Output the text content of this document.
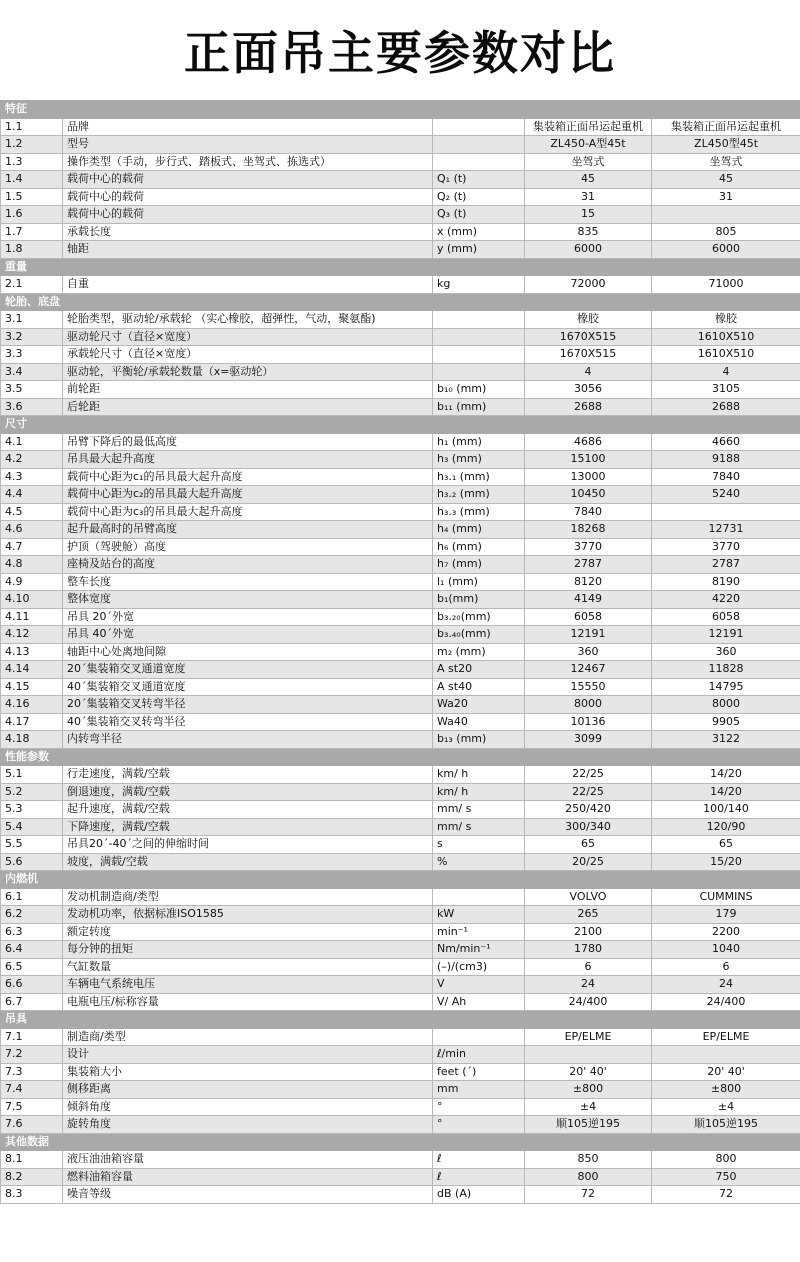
正面吊主要参数对比
特征				
1.1	品牌		集装箱正面吊运起重机	集装箱正面吊运起重机
1.2	型号		ZL450-A型45t	ZL450型45t
1.3	操作类型（手动，步行式、踏板式、坐驾式、拣选式）		坐驾式	坐驾式
1.4	载荷中心的载荷	Q₁ (t)	45	45
1.5	载荷中心的载荷	Q₂ (t)	31	31
1.6	载荷中心的载荷	Q₃ (t)	15	
1.7	承载长度	x (mm)	835	805
1.8	轴距	y (mm)	6000	6000
重量				
2.1	自重	kg	72000	71000
轮胎、底盘				
3.1	轮胎类型，驱动轮/承载轮 （实心橡胶，超弹性，气动，聚氨酯)		橡胶	橡胶
3.2	驱动轮尺寸（直径×宽度）		1670X515	1610X510
3.3	承载轮尺寸（直径×宽度）		1670X515	1610X510
3.4	驱动轮，平衡轮/承载轮数量（x=驱动轮）		4	4
3.5	前轮距	b₁₀ (mm)	3056	3105
3.6	后轮距	b₁₁ (mm)	2688	2688
尺寸				
4.1	吊臂下降后的最低高度	h₁ (mm)	4686	4660
4.2	吊具最大起升高度	h₃ (mm)	15100	9188
4.3	载荷中心距为c₁的吊具最大起升高度	h₃.₁ (mm)	13000	7840
4.4	载荷中心距为c₂的吊具最大起升高度	h₃.₂ (mm)	10450	5240
4.5	载荷中心距为c₃的吊具最大起升高度	h₃.₃ (mm)	7840	
4.6	起升最高时的吊臂高度	h₄ (mm)	18268	12731
4.7	护顶（驾驶舱）高度	h₆ (mm)	3770	3770
4.8	座椅及站台的高度	h₇ (mm)	2787	2787
4.9	整车长度	l₁ (mm)	8120	8190
4.10	整体宽度	b₁(mm)	4149	4220
4.11	吊具 20´外宽	b₃.₂₀(mm)	6058	6058
4.12	吊具 40´外宽	b₃.₄₀(mm)	12191	12191
4.13	轴距中心处离地间隙	m₂ (mm)	360	360
4.14	20´集装箱交叉通道宽度	A st20	12467	11828
4.15	40´集装箱交叉通道宽度	A st40	15550	14795
4.16	20´集装箱交叉转弯半径	Wa20	8000	8000
4.17	40´集装箱交叉转弯半径	Wa40	10136	9905
4.18	内转弯半径	b₁₃ (mm)	3099	3122
性能参数				
5.1	行走速度，满载/空载	km/ h	22/25	14/20
5.2	倒退速度，满载/空载	km/ h	22/25	14/20
5.3	起升速度，满载/空载	mm/ s	250/420	100/140
5.4	下降速度，满载/空载	mm/ s	300/340	120/90
5.5	吊具20´-40´之间的伸缩时间	s	65	65
5.6	坡度，满载/空载	%	20/25	15/20
内燃机				
6.1	发动机制造商/类型		VOLVO	CUMMINS
6.2	发动机功率，依据标准ISO1585	kW	265	179
6.3	额定转度	min⁻¹	2100	2200
6.4	每分钟的扭矩	Nm/min⁻¹	1780	1040
6.5	气缸数量	(–)/(cm3)	6	6
6.6	车辆电气系统电压	V	24	24
6.7	电瓶电压/标称容量	V/ Ah	24/400	24/400
吊具				
7.1	制造商/类型		EP/ELME	EP/ELME
7.2	设计	ℓ/min		
7.3	集装箱大小	feet (´)	20' 40'	20' 40'
7.4	侧移距离	mm	±800	±800
7.5	倾斜角度	°	±4	±4
7.6	旋转角度	°	顺105逆195	顺105逆195
其他数据				
8.1	液压油油箱容量	ℓ	850	800
8.2	燃料油箱容量	ℓ	800	750
8.3	噪音等级	dB (A)	72	72
